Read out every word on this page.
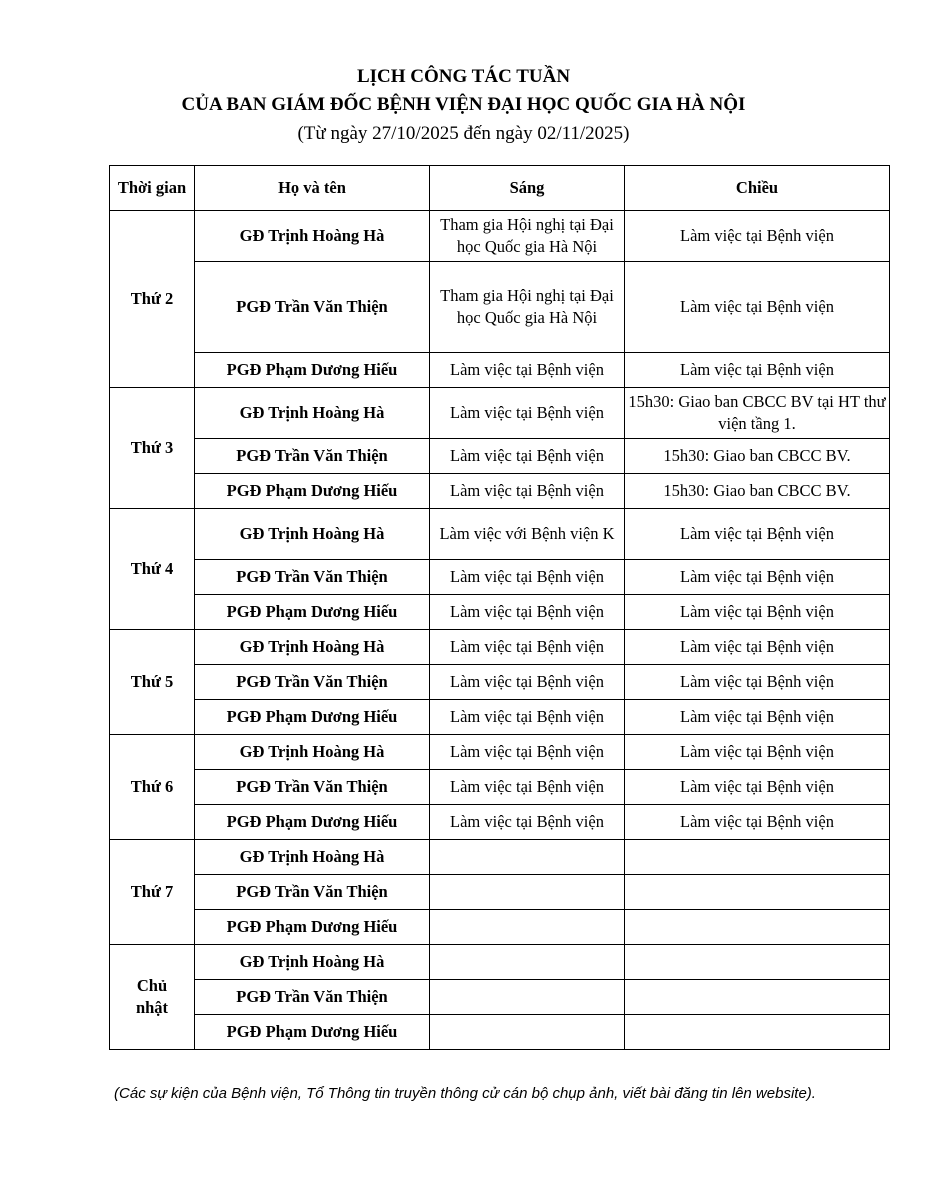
LỊCH CÔNG TÁC TUẦN
CỦA BAN GIÁM ĐỐC BỆNH VIỆN ĐẠI HỌC QUỐC GIA HÀ NỘI
(Từ ngày 27/10/2025 đến ngày 02/11/2025)
Thời gian	Họ và tên	Sáng	Chiều
Thứ 2	GĐ Trịnh Hoàng Hà	Tham gia Hội nghị tại Đại học Quốc gia Hà Nội	Làm việc tại Bệnh viện
	PGĐ Trần Văn Thiện	Tham gia Hội nghị tại Đại học Quốc gia Hà Nội	Làm việc tại Bệnh viện
	PGĐ Phạm Dương Hiếu	Làm việc tại Bệnh viện	Làm việc tại Bệnh viện
Thứ 3	GĐ Trịnh Hoàng Hà	Làm việc tại Bệnh viện	15h30: Giao ban CBCC BV tại HT thư viện tầng 1.
	PGĐ Trần Văn Thiện	Làm việc tại Bệnh viện	15h30: Giao ban CBCC BV.
	PGĐ Phạm Dương Hiếu	Làm việc tại Bệnh viện	15h30: Giao ban CBCC BV.
Thứ 4	GĐ Trịnh Hoàng Hà	Làm việc với Bệnh viện K	Làm việc tại Bệnh viện
	PGĐ Trần Văn Thiện	Làm việc tại Bệnh viện	Làm việc tại Bệnh viện
	PGĐ Phạm Dương Hiếu	Làm việc tại Bệnh viện	Làm việc tại Bệnh viện
Thứ 5	GĐ Trịnh Hoàng Hà	Làm việc tại Bệnh viện	Làm việc tại Bệnh viện
	PGĐ Trần Văn Thiện	Làm việc tại Bệnh viện	Làm việc tại Bệnh viện
	PGĐ Phạm Dương Hiếu	Làm việc tại Bệnh viện	Làm việc tại Bệnh viện
Thứ 6	GĐ Trịnh Hoàng Hà	Làm việc tại Bệnh viện	Làm việc tại Bệnh viện
	PGĐ Trần Văn Thiện	Làm việc tại Bệnh viện	Làm việc tại Bệnh viện
	PGĐ Phạm Dương Hiếu	Làm việc tại Bệnh viện	Làm việc tại Bệnh viện
Thứ 7	GĐ Trịnh Hoàng Hà		
	PGĐ Trần Văn Thiện		
	PGĐ Phạm Dương Hiếu		
Chủ nhật	GĐ Trịnh Hoàng Hà		
	PGĐ Trần Văn Thiện		
	PGĐ Phạm Dương Hiếu		
(Các sự kiện của Bệnh viện, Tổ Thông tin truyền thông cử cán bộ chụp ảnh, viết bài đăng tin lên website).
